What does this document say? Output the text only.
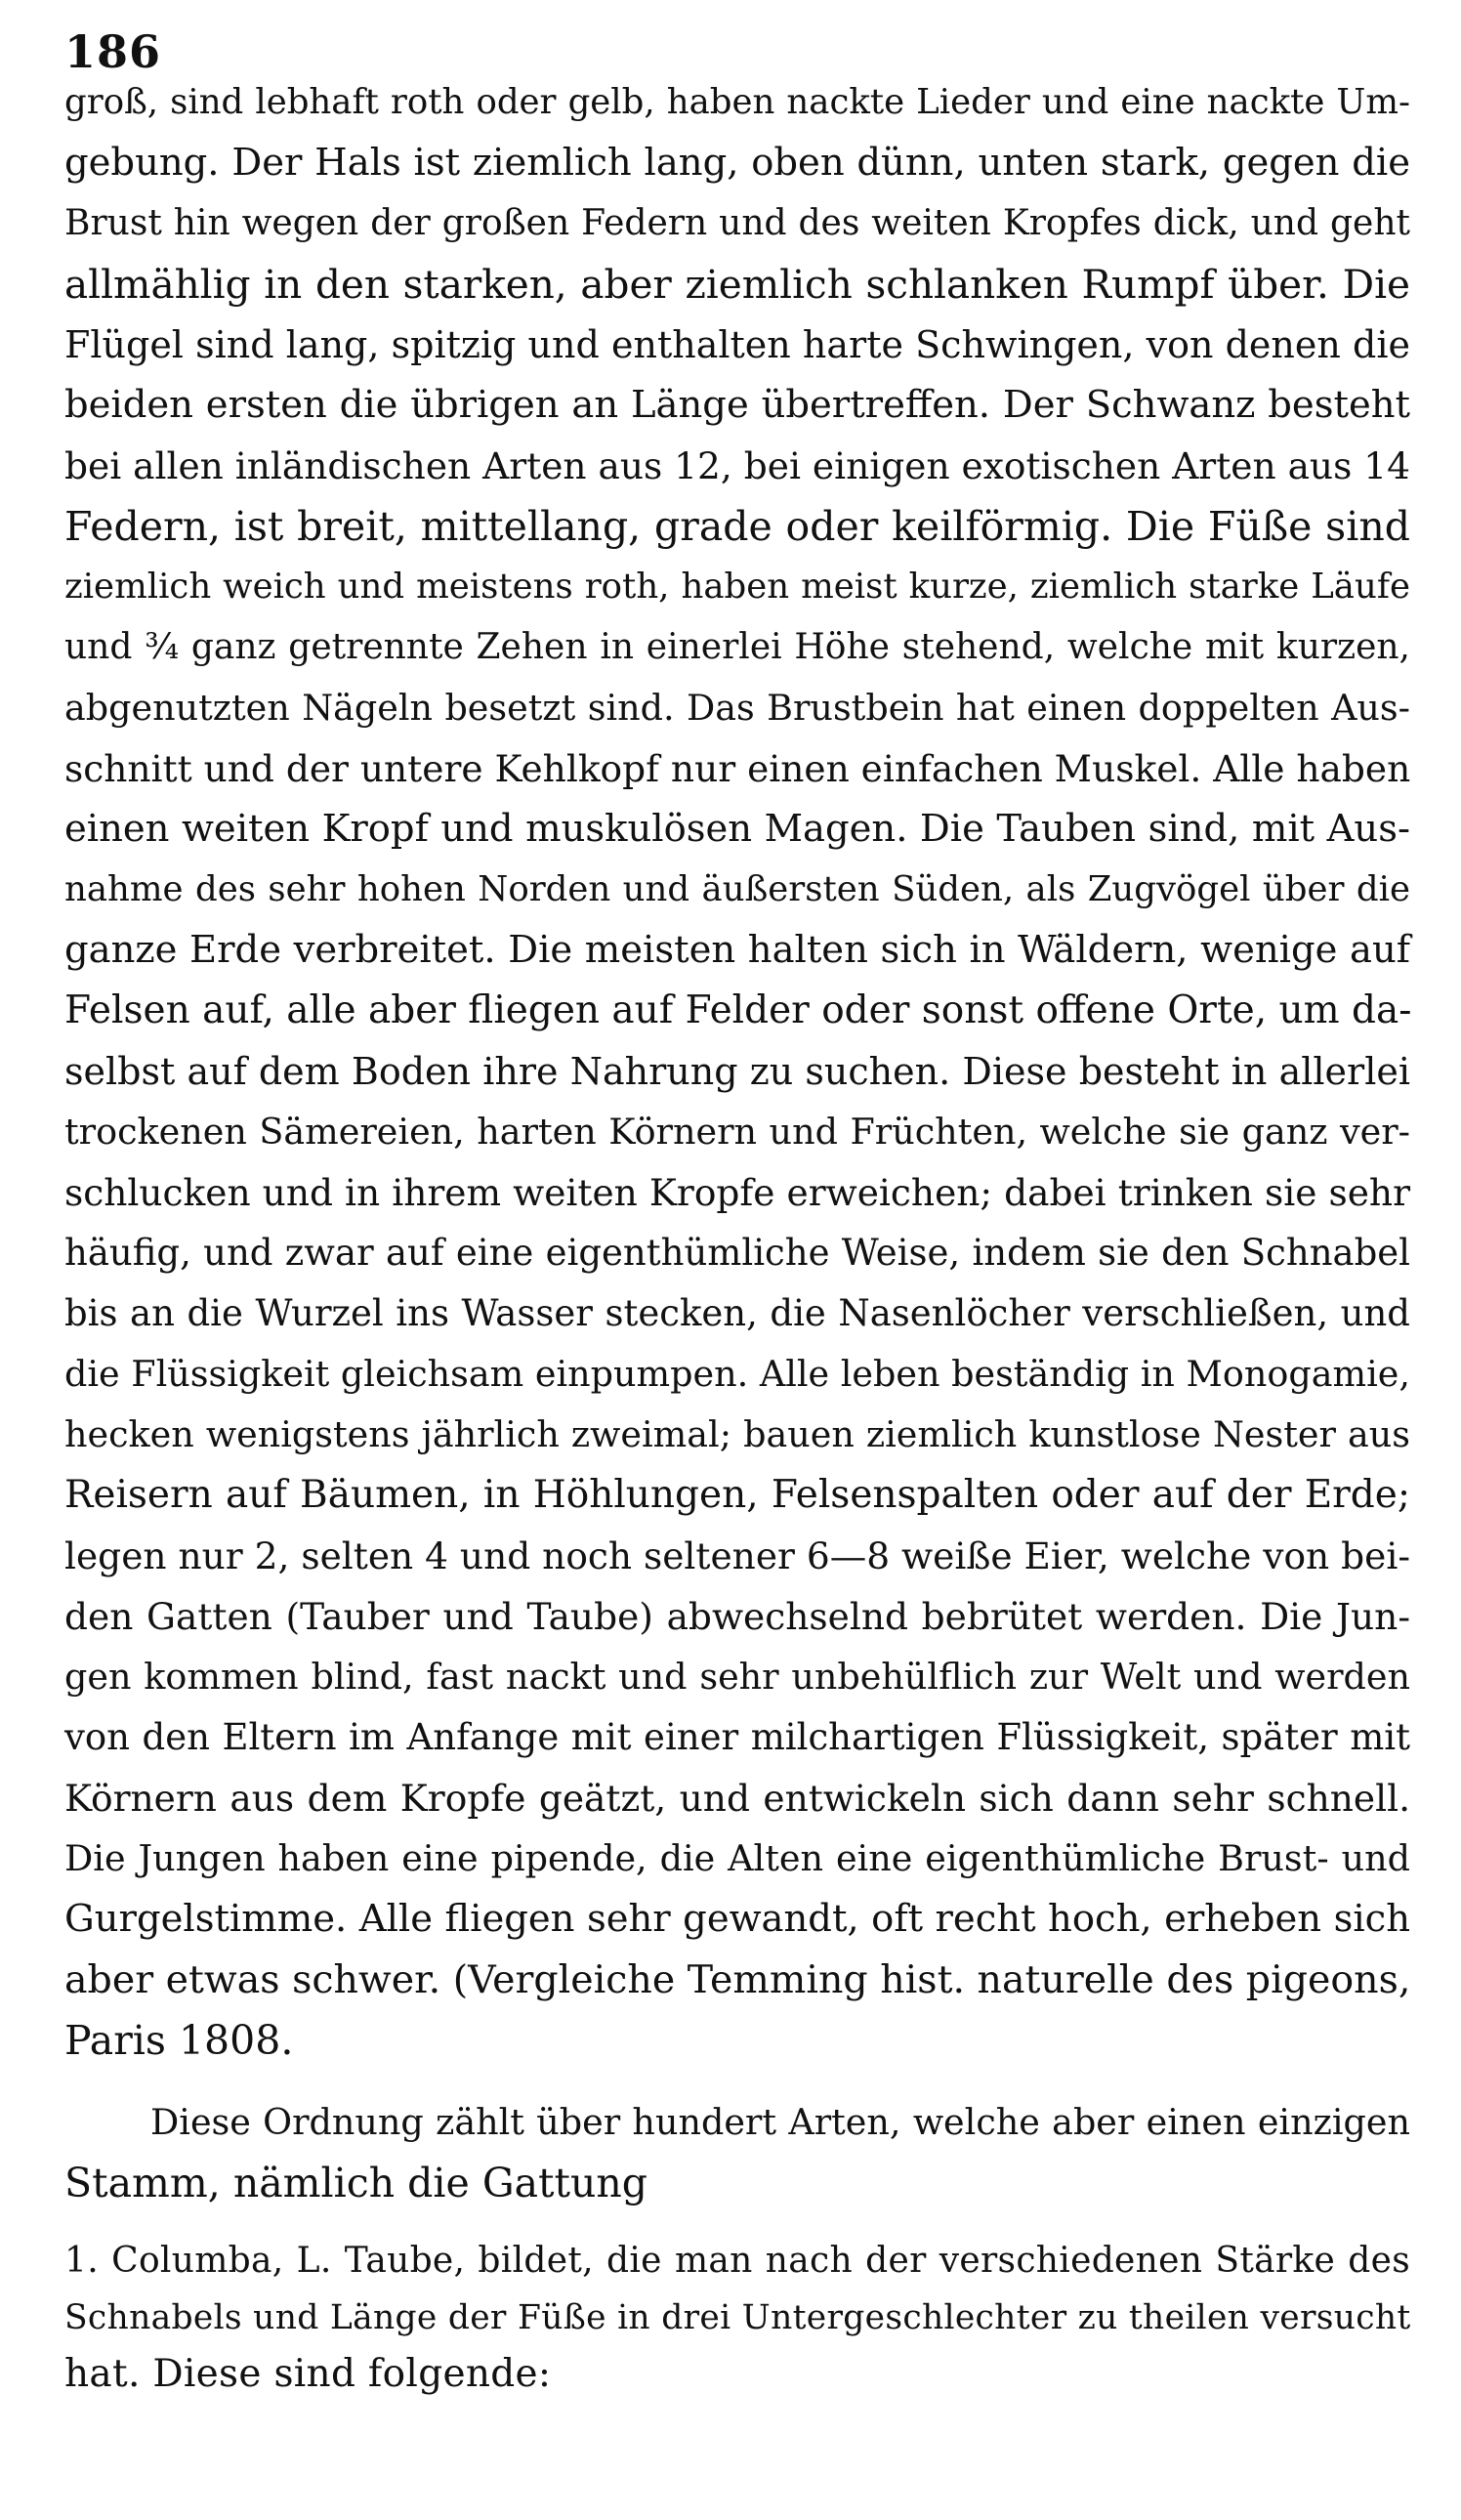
186
groß, sind lebhaft roth oder gelb, haben nackte Lieder und eine nackte Um-
gebung. Der Hals ist ziemlich lang, oben dünn, unten stark, gegen die
Brust hin wegen der großen Federn und des weiten Kropfes dick, und geht
allmählig in den starken, aber ziemlich schlanken Rumpf über. Die
Flügel sind lang, spitzig und enthalten harte Schwingen, von denen die
beiden ersten die übrigen an Länge übertreffen. Der Schwanz besteht
bei allen inländischen Arten aus 12, bei einigen exotischen Arten aus 14
Federn, ist breit, mittellang, grade oder keilförmig. Die Füße sind
ziemlich weich und meistens roth, haben meist kurze, ziemlich starke Läufe
und ¾ ganz getrennte Zehen in einerlei Höhe stehend, welche mit kurzen,
abgenutzten Nägeln besetzt sind. Das Brustbein hat einen doppelten Aus-
schnitt und der untere Kehlkopf nur einen einfachen Muskel. Alle haben
einen weiten Kropf und muskulösen Magen. Die Tauben sind, mit Aus-
nahme des sehr hohen Norden und äußersten Süden, als Zugvögel über die
ganze Erde verbreitet. Die meisten halten sich in Wäldern, wenige auf
Felsen auf, alle aber fliegen auf Felder oder sonst offene Orte, um da-
selbst auf dem Boden ihre Nahrung zu suchen. Diese besteht in allerlei
trockenen Sämereien, harten Körnern und Früchten, welche sie ganz ver-
schlucken und in ihrem weiten Kropfe erweichen; dabei trinken sie sehr
häufig, und zwar auf eine eigenthümliche Weise, indem sie den Schnabel
bis an die Wurzel ins Wasser stecken, die Nasenlöcher verschließen, und
die Flüssigkeit gleichsam einpumpen. Alle leben beständig in Monogamie,
hecken wenigstens jährlich zweimal; bauen ziemlich kunstlose Nester aus
Reisern auf Bäumen, in Höhlungen, Felsenspalten oder auf der Erde;
legen nur 2, selten 4 und noch seltener 6—8 weiße Eier, welche von bei-
den Gatten (Tauber und Taube) abwechselnd bebrütet werden. Die Jun-
gen kommen blind, fast nackt und sehr unbehülflich zur Welt und werden
von den Eltern im Anfange mit einer milchartigen Flüssigkeit, später mit
Körnern aus dem Kropfe geätzt, und entwickeln sich dann sehr schnell.
Die Jungen haben eine pipende, die Alten eine eigenthümliche Brust- und
Gurgelstimme. Alle fliegen sehr gewandt, oft recht hoch, erheben sich
aber etwas schwer. (Vergleiche Temming hist. naturelle des pigeons,
Paris 1808.
Diese Ordnung zählt über hundert Arten, welche aber einen einzigen
Stamm, nämlich die Gattung
1. Columba, L. Taube, bildet, die man nach der verschiedenen Stärke des
Schnabels und Länge der Füße in drei Untergeschlechter zu theilen versucht
hat. Diese sind folgende:
